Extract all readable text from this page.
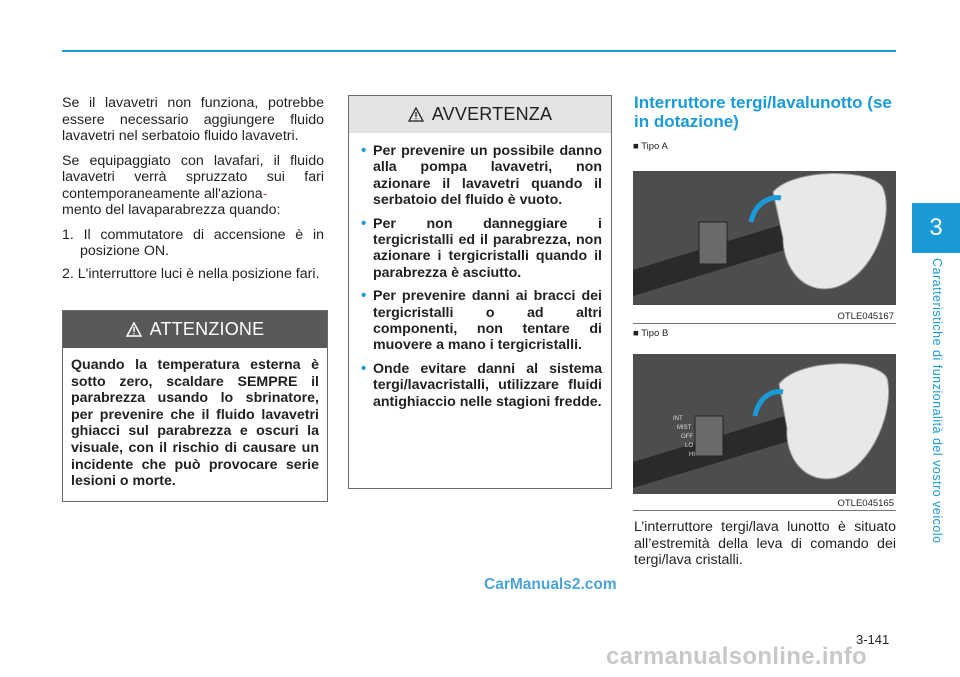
Se il lavavetri non funziona, potrebbe essere necessario aggiungere fluido lavavetri nel serbatoio fluido lavavetri.

Se equipaggiato con lavafari, il fluido lavavetri verrà spruzzato sui fari contemporaneamente all'aziona-
mento del lavaparabrezza quando:

1. Il commutatore di accensione è in posizione ON.
2. L'interruttore luci è nella posizione fari.
ATTENZIONE
Quando la temperatura esterna è sotto zero, scaldare SEMPRE il parabrezza usando lo sbrinatore, per prevenire che il fluido lavavetri ghiacci sul parabrezza e oscuri la visuale, con il rischio di causare un incidente che può provocare serie lesioni o morte.
AVVERTENZA
• Per prevenire un possibile danno alla pompa lavavetri, non azionare il lavavetri quando il serbatoio del fluido è vuoto.
• Per non danneggiare i tergicristalli ed il parabrezza, non azionare i tergicristalli quando il parabrezza è asciutto.
• Per prevenire danni ai bracci dei tergicristalli o ad altri componenti, non tentare di muovere a mano i tergicristalli.
• Onde evitare danni al sistema tergi/lavacristalli, utilizzare fluidi antighiaccio nelle stagioni fredde.
Interruttore tergi/lavalunotto (se in dotazione)
■ Tipo A
OTLE045167
■ Tipo B
INT
MIST
OFF
LO
HI
OTLE045165

L’interruttore tergi/lava lunotto è situato all’estremità della leva di comando dei tergi/lava cristalli.

3
Caratteristiche di funzionalità del vostro veicolo
3-141
CarManuals2.com
carmanualsonline.info
